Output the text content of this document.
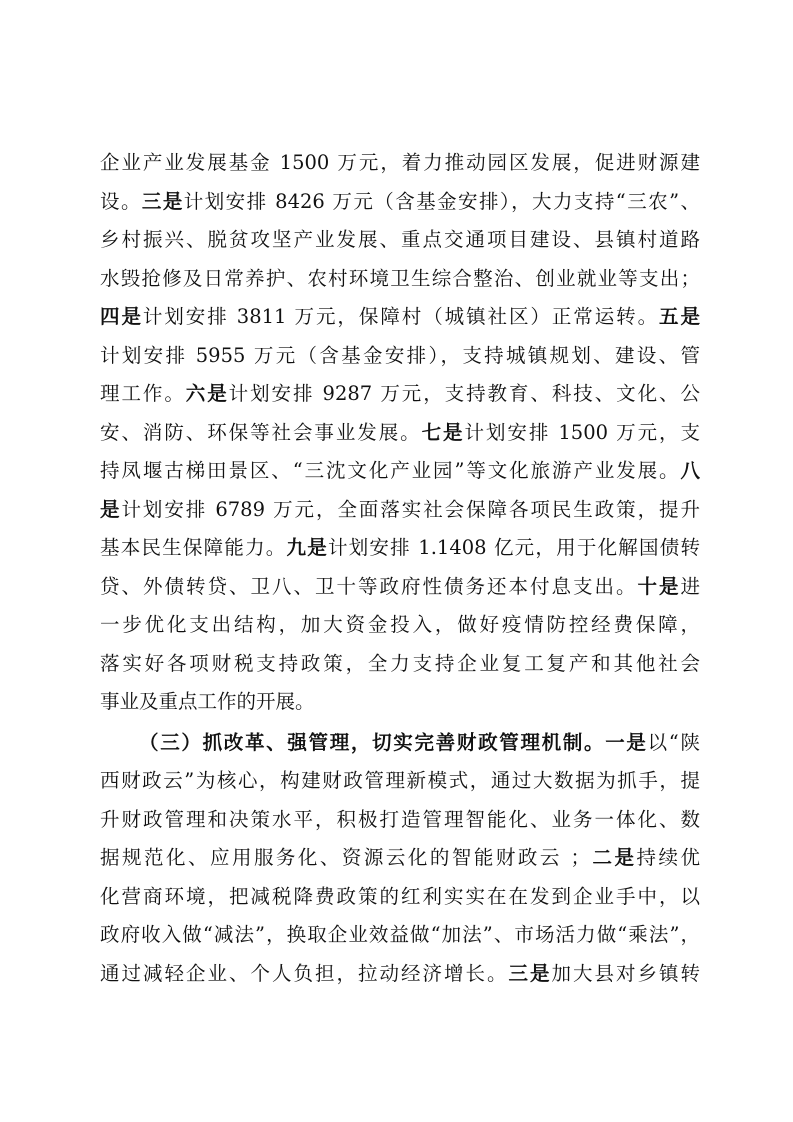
企业产业发展基金 1500 万元，着力推动园区发展，促进财源建
设。三是计划安排 8426 万元（含基金安排），大力支持“三农”、
乡村振兴、脱贫攻坚产业发展、重点交通项目建设、县镇村道路
水毁抢修及日常养护、农村环境卫生综合整治、创业就业等支出；
四是计划安排 3811 万元，保障村（城镇社区）正常运转。五是
计划安排 5955 万元（含基金安排），支持城镇规划、建设、管
理工作。六是计划安排 9287 万元，支持教育、科技、文化、公
安、消防、环保等社会事业发展。七是计划安排 1500 万元，支
持凤堰古梯田景区、“三沈文化产业园”等文化旅游产业发展。八
是计划安排 6789 万元，全面落实社会保障各项民生政策，提升
基本民生保障能力。九是计划安排 1.1408 亿元，用于化解国债转
贷、外债转贷、卫八、卫十等政府性债务还本付息支出。十是进
一步优化支出结构，加大资金投入，做好疫情防控经费保障，
落实好各项财税支持政策，全力支持企业复工复产和其他社会
事业及重点工作的开展。
（三）抓改革、强管理，切实完善财政管理机制。一是以“陕
西财政云”为核心，构建财政管理新模式，通过大数据为抓手，提
升财政管理和决策水平，积极打造管理智能化、业务一体化、数
据规范化、应用服务化、资源云化的智能财政云 ；二是持续优
化营商环境，把减税降费政策的红利实实在在发到企业手中，以
政府收入做“减法”，换取企业效益做“加法”、市场活力做“乘法”，
通过减轻企业、个人负担，拉动经济增长。三是加大县对乡镇转
